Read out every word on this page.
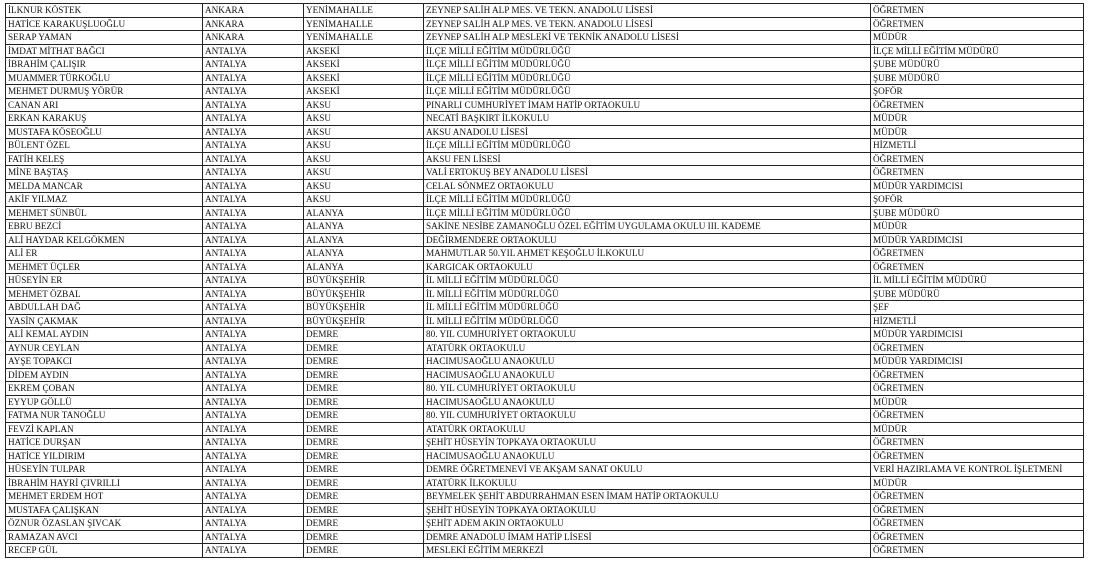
İLKNUR KÖSTEK	ANKARA	YENİMAHALLE	ZEYNEP SALİH ALP MES. VE TEKN. ANADOLU LİSESİ	ÖĞRETMEN
HATİCE KARAKUŞLUOĞLU	ANKARA	YENİMAHALLE	ZEYNEP SALİH ALP MES. VE TEKN. ANADOLU LİSESİ	ÖĞRETMEN
SERAP YAMAN	ANKARA	YENİMAHALLE	ZEYNEP SALİH ALP MESLEKİ VE TEKNİK ANADOLU LİSESİ	MÜDÜR
İMDAT MİTHAT BAĞCI	ANTALYA	AKSEKİ	İLÇE MİLLİ EĞİTİM MÜDÜRLÜĞÜ	İLÇE MİLLİ EĞİTİM MÜDÜRÜ
İBRAHİM ÇALIŞIR	ANTALYA	AKSEKİ	İLÇE MİLLİ EĞİTİM MÜDÜRLÜĞÜ	ŞUBE MÜDÜRÜ
MUAMMER TÜRKOĞLU	ANTALYA	AKSEKİ	İLÇE MİLLİ EĞİTİM MÜDÜRLÜĞÜ	ŞUBE MÜDÜRÜ
MEHMET DURMUŞ YÖRÜR	ANTALYA	AKSEKİ	İLÇE MİLLİ EĞİTİM MÜDÜRLÜĞÜ	ŞOFÖR
CANAN ARI	ANTALYA	AKSU	PINARLI CUMHURİYET İMAM HATİP ORTAOKULU	ÖĞRETMEN
ERKAN KARAKUŞ	ANTALYA	AKSU	NECATİ BAŞKIRT İLKOKULU	MÜDÜR
MUSTAFA KÖSEOĞLU	ANTALYA	AKSU	AKSU ANADOLU LİSESİ	MÜDÜR
BÜLENT ÖZEL	ANTALYA	AKSU	İLÇE MİLLİ EĞİTİM MÜDÜRLÜĞÜ	HİZMETLİ
FATİH KELEŞ	ANTALYA	AKSU	AKSU FEN LİSESİ	ÖĞRETMEN
MİNE BAŞTAŞ	ANTALYA	AKSU	VALİ ERTOKUŞ BEY ANADOLU LİSESİ	ÖĞRETMEN
MELDA MANCAR	ANTALYA	AKSU	CELAL SÖNMEZ ORTAOKULU	MÜDÜR YARDIMCISI
AKİF YILMAZ	ANTALYA	AKSU	İLÇE MİLLİ EĞİTİM MÜDÜRLÜĞÜ	ŞOFÖR
MEHMET SÜNBÜL	ANTALYA	ALANYA	İLÇE MİLLİ EĞİTİM MÜDÜRLÜĞÜ	ŞUBE MÜDÜRÜ
EBRU BEZCİ	ANTALYA	ALANYA	SAKİNE NESİBE ZAMANOĞLU ÖZEL EĞİTİM UYGULAMA OKULU III. KADEME	MÜDÜR
ALİ HAYDAR KELGÖKMEN	ANTALYA	ALANYA	DEĞİRMENDERE ORTAOKULU	MÜDÜR YARDIMCISI
ALİ ER	ANTALYA	ALANYA	MAHMUTLAR 50.YIL AHMET KEŞOĞLU İLKOKULU	ÖĞRETMEN
MEHMET ÜÇLER	ANTALYA	ALANYA	KARGICAK ORTAOKULU	ÖĞRETMEN
HÜSEYİN ER	ANTALYA	BÜYÜKŞEHİR	İL MİLLİ EĞİTİM MÜDÜRLÜĞÜ	İL MİLLİ EĞİTİM MÜDÜRÜ
MEHMET ÖZBAL	ANTALYA	BÜYÜKŞEHİR	İL MİLLİ EĞİTİM MÜDÜRLÜĞÜ	ŞUBE MÜDÜRÜ
ABDULLAH DAĞ	ANTALYA	BÜYÜKŞEHİR	İL MİLLİ EĞİTİM MÜDÜRLÜĞÜ	ŞEF
YASİN ÇAKMAK	ANTALYA	BÜYÜKŞEHİR	İL MİLLİ EĞİTİM MÜDÜRLÜĞÜ	HİZMETLİ
ALİ KEMAL AYDIN	ANTALYA	DEMRE	80. YIL CUMHURİYET ORTAOKULU	MÜDÜR YARDIMCISI
AYNUR CEYLAN	ANTALYA	DEMRE	ATATÜRK ORTAOKULU	ÖĞRETMEN
AYŞE TOPAKCI	ANTALYA	DEMRE	HACIMUSAOĞLU ANAOKULU	MÜDÜR YARDIMCISI
DİDEM AYDIN	ANTALYA	DEMRE	HACIMUSAOĞLU ANAOKULU	ÖĞRETMEN
EKREM ÇOBAN	ANTALYA	DEMRE	80. YIL CUMHURİYET ORTAOKULU	ÖĞRETMEN
EYYUP GÖLLÜ	ANTALYA	DEMRE	HACIMUSAOĞLU ANAOKULU	MÜDÜR
FATMA NUR TANOĞLU	ANTALYA	DEMRE	80. YIL CUMHURİYET ORTAOKULU	ÖĞRETMEN
FEVZİ KAPLAN	ANTALYA	DEMRE	ATATÜRK ORTAOKULU	MÜDÜR
HATİCE DURŞAN	ANTALYA	DEMRE	ŞEHİT HÜSEYİN TOPKAYA ORTAOKULU	ÖĞRETMEN
HATİCE YILDIRIM	ANTALYA	DEMRE	HACIMUSAOĞLU ANAOKULU	ÖĞRETMEN
HÜSEYİN TULPAR	ANTALYA	DEMRE	DEMRE ÖĞRETMENEVİ VE AKŞAM SANAT OKULU	VERİ HAZIRLAMA VE KONTROL İŞLETMENİ
İBRAHİM HAYRİ ÇIVRILLI	ANTALYA	DEMRE	ATATÜRK İLKOKULU	MÜDÜR
MEHMET ERDEM HOT	ANTALYA	DEMRE	BEYMELEK ŞEHİT ABDURRAHMAN ESEN İMAM HATİP ORTAOKULU	ÖĞRETMEN
MUSTAFA ÇALIŞKAN	ANTALYA	DEMRE	ŞEHİT HÜSEYİN TOPKAYA ORTAOKULU	ÖĞRETMEN
ÖZNUR ÖZASLAN ŞIVCAK	ANTALYA	DEMRE	ŞEHİT ADEM AKIN ORTAOKULU	ÖĞRETMEN
RAMAZAN AVCI	ANTALYA	DEMRE	DEMRE ANADOLU İMAM HATİP LİSESİ	ÖĞRETMEN
RECEP GÜL	ANTALYA	DEMRE	MESLEKİ EĞİTİM MERKEZİ	ÖĞRETMEN
